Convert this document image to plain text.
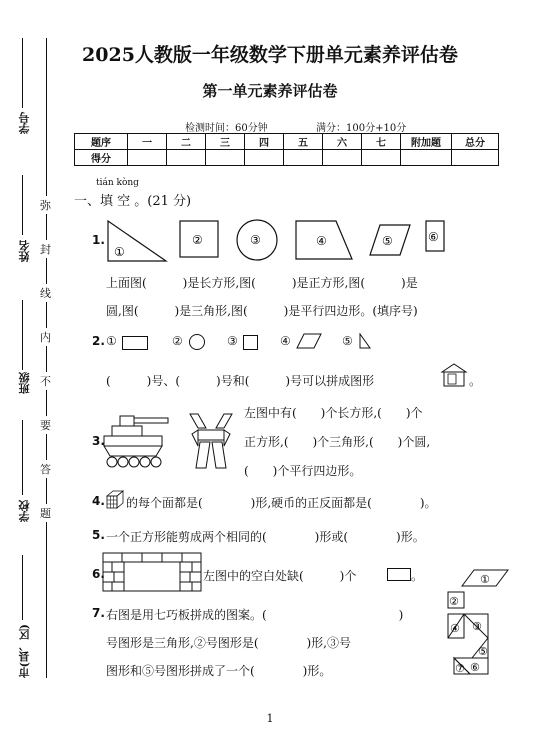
学号
姓名
班级
学校
市(县、区)
弥
封
线
内
不
要
答
题
2025人教版一年级数学下册单元素养评估卷
第一单元素养评估卷
检测时间：60分钟	满分：100分+10分
题序	一	二	三	四	五	六	七	附加题	总分
得分									
tián kòng
一、填 空 。(21 分)
1.
①
②	③	④	⑤	⑥
上面图(　　　)是长方形,图(　　　)是正方形,图(　　　)是
圆,图(　　　)是三角形,图(　　　)是平行四边形。(填序号)
2. ①	②	③	④	⑤
(　　　)号、(　　　)号和(　　　)号可以拼成图形	。
3.
左图中有(　　)个长方形,(　　)个
正方形,(　　)个三角形,(　　)个圆,
(　　)个平行四边形。
4. 的每个面都是(　　　　)形,硬币的正反面都是(　　　　)。
5. 一个正方形能剪成两个相同的(　　　　)形或(　　　　)形。
6.	左图中的空白处缺(　　　)个	。
7. 右图是用七巧板拼成的图案。(　　　　　　　　　　　)
号图形是三角形,②号图形是(　　　　)形,③号
图形和⑤号图形拼成了一个(　　　　)形。
①
②
③
④
⑤
⑥
⑦
1
